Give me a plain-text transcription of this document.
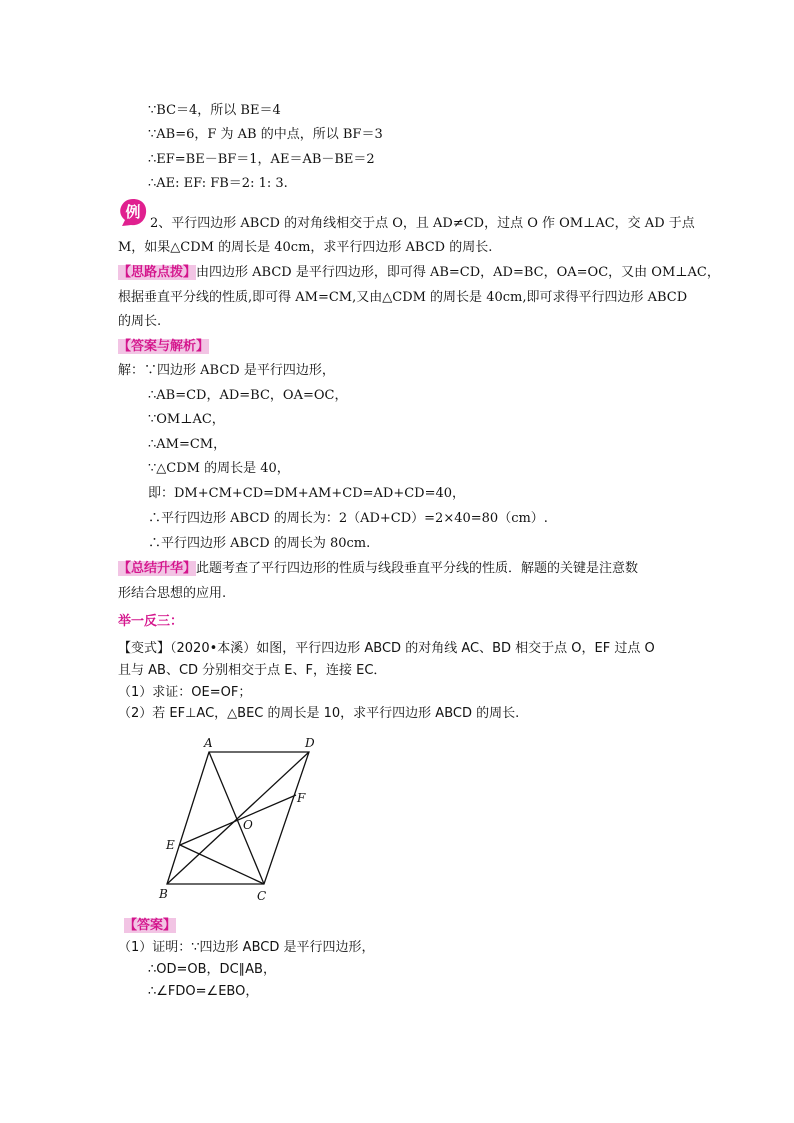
∵BC＝4，所以 BE＝4
∵AB=6，F 为 AB 的中点，所以 BF＝3
∴EF=BE－BF＝1，AE＝AB－BE＝2
∴AE: EF: FB＝2: 1: 3.
例
2、平行四边形 ABCD 的对角线相交于点 O，且 AD≠CD，过点 O 作 OM⊥AC，交 AD 于点
M，如果△CDM 的周长是 40cm，求平行四边形 ABCD 的周长.
【思路点拨】由四边形 ABCD 是平行四边形，即可得 AB=CD，AD=BC，OA=OC，又由 OM⊥AC，
根据垂直平分线的性质,即可得 AM=CM,又由△CDM 的周长是 40cm,即可求得平行四边形 ABCD
的周长.
【答案与解析】
解：∵四边形 ABCD 是平行四边形，
∴AB=CD，AD=BC，OA=OC，
∵OM⊥AC，
∴AM=CM，
∵△CDM 的周长是 40，
即：DM+CM+CD=DM+AM+CD=AD+CD=40，
∴平行四边形 ABCD 的周长为：2（AD+CD）=2×40=80（cm）.
∴平行四边形 ABCD 的周长为 80cm.
【总结升华】此题考查了平行四边形的性质与线段垂直平分线的性质．解题的关键是注意数
形结合思想的应用.
举一反三：
【变式】（2020•本溪）如图，平行四边形 ABCD 的对角线 AC、BD 相交于点 O，EF 过点 O
且与 AB、CD 分别相交于点 E、F，连接 EC．
（1）求证：OE=OF；
（2）若 EF⊥AC，△BEC 的周长是 10，求平行四边形 ABCD 的周长.
A	D
F
O
E
B	C
【答案】
（1）证明：∵四边形 ABCD 是平行四边形，
∴OD=OB，DC∥AB，
∴∠FDO=∠EBO，
